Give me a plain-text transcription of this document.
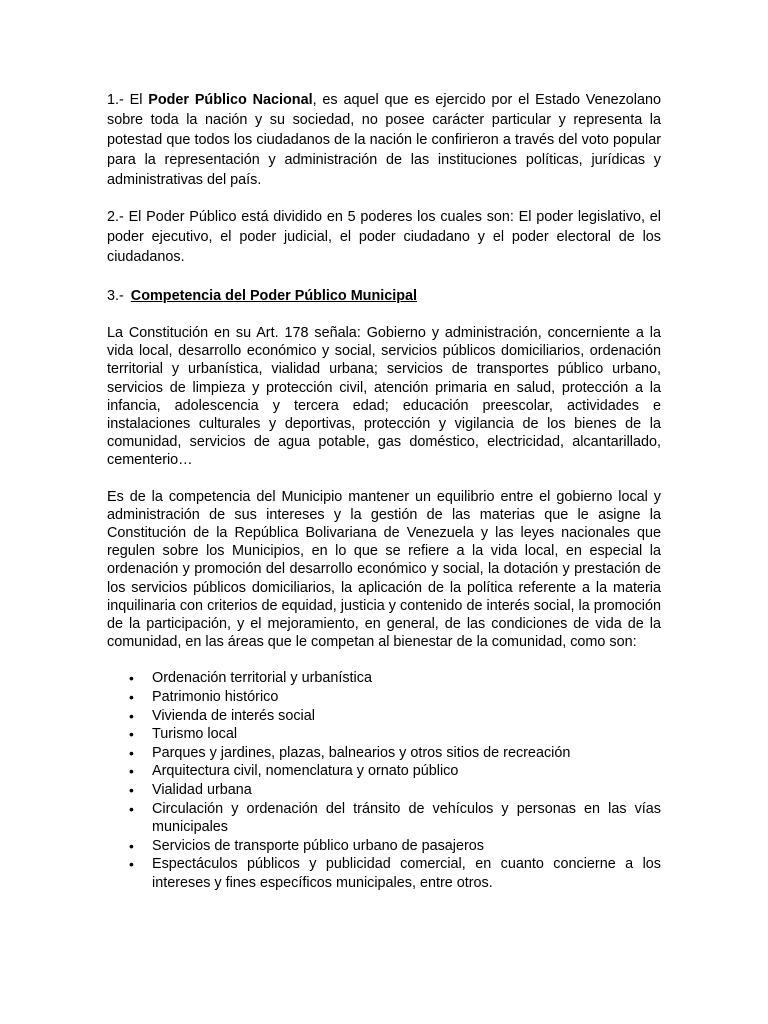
1.- El Poder Público Nacional, es aquel que es ejercido por el Estado Venezolano sobre toda la nación y su sociedad, no posee carácter particular y representa la potestad que todos los ciudadanos de la nación le confirieron a través del voto popular para la representación y administración de las instituciones políticas, jurídicas y administrativas del país.

2.- El Poder Público está dividido en 5 poderes los cuales son: El poder legislativo, el poder ejecutivo, el poder judicial, el poder ciudadano y el poder electoral de los ciudadanos.

3.- Competencia del Poder Público Municipal

La Constitución en su Art. 178 señala: Gobierno y administración, concerniente a la vida local, desarrollo económico y social, servicios públicos domiciliarios, ordenación territorial y urbanística, vialidad urbana; servicios de transportes público urbano, servicios de limpieza y protección civil, atención primaria en salud, protección a la infancia, adolescencia y tercera edad; educación preescolar, actividades e instalaciones culturales y deportivas, protección y vigilancia de los bienes de la comunidad, servicios de agua potable, gas doméstico, electricidad, alcantarillado, cementerio…

Es de la competencia del Municipio mantener un equilibrio entre el gobierno local y administración de sus intereses y la gestión de las materias que le asigne la Constitución de la República Bolivariana de Venezuela y las leyes nacionales que regulen sobre los Municipios, en lo que se refiere a la vida local, en especial la ordenación y promoción del desarrollo económico y social, la dotación y prestación de los servicios públicos domiciliarios, la aplicación de la política referente a la materia inquilinaria con criterios de equidad, justicia y contenido de interés social, la promoción de la participación, y el mejoramiento, en general, de las condiciones de vida de la comunidad, en las áreas que le competan al bienestar de la comunidad, como son:

• Ordenación territorial y urbanística
• Patrimonio histórico
• Vivienda de interés social
• Turismo local
• Parques y jardines, plazas, balnearios y otros sitios de recreación
• Arquitectura civil, nomenclatura y ornato público
• Vialidad urbana
• Circulación y ordenación del tránsito de vehículos y personas en las vías municipales
• Servicios de transporte público urbano de pasajeros
• Espectáculos públicos y publicidad comercial, en cuanto concierne a los intereses y fines específicos municipales, entre otros.
